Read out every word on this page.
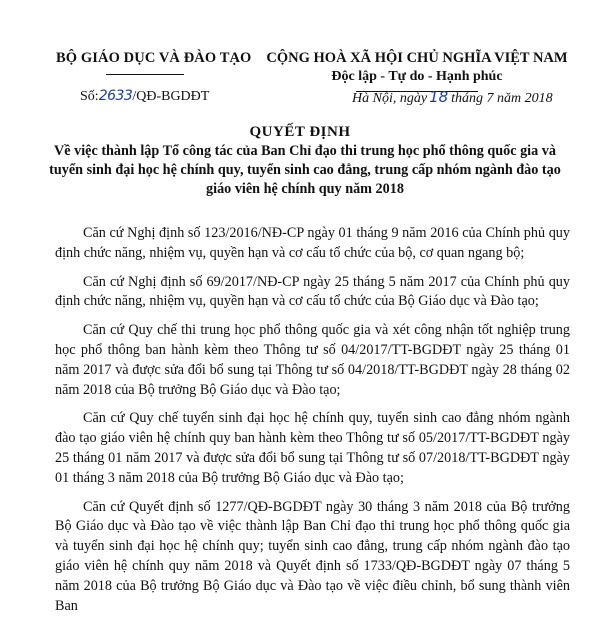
BỘ GIÁO DỤC VÀ ĐÀO TẠO	CỘNG HOÀ XÃ HỘI CHỦ NGHĨA VIỆT NAM
Độc lập - Tự do - Hạnh phúc
Số:2633/QĐ-BGDĐT	Hà Nội, ngày 18 tháng 7 năm 2018
QUYẾT ĐỊNH
Về việc thành lập Tổ công tác của Ban Chỉ đạo thi trung học phổ thông quốc gia và tuyển sinh đại học hệ chính quy, tuyển sinh cao đẳng, trung cấp nhóm ngành đào tạo giáo viên hệ chính quy năm 2018

Căn cứ Nghị định số 123/2016/NĐ-CP ngày 01 tháng 9 năm 2016 của Chính phủ quy định chức năng, nhiệm vụ, quyền hạn và cơ cấu tổ chức của bộ, cơ quan ngang bộ;

Căn cứ Nghị định số 69/2017/NĐ-CP ngày 25 tháng 5 năm 2017 của Chính phủ quy định chức năng, nhiệm vụ, quyền hạn và cơ cấu tổ chức của Bộ Giáo dục và Đào tạo;

Căn cứ Quy chế thi trung học phổ thông quốc gia và xét công nhận tốt nghiệp trung học phổ thông ban hành kèm theo Thông tư số 04/2017/TT-BGDĐT ngày 25 tháng 01 năm 2017 và được sửa đổi bổ sung tại Thông tư số 04/2018/TT-BGDĐT ngày 28 tháng 02 năm 2018 của Bộ trưởng Bộ Giáo dục và Đào tạo;

Căn cứ Quy chế tuyển sinh đại học hệ chính quy, tuyển sinh cao đẳng nhóm ngành đào tạo giáo viên hệ chính quy ban hành kèm theo Thông tư số 05/2017/TT-BGDĐT ngày 25 tháng 01 năm 2017 và được sửa đổi bổ sung tại Thông tư số 07/2018/TT-BGDĐT ngày 01 tháng 3 năm 2018 của Bộ trưởng Bộ Giáo dục và Đào tạo;

Căn cứ Quyết định số 1277/QĐ-BGDĐT ngày 30 tháng 3 năm 2018 của Bộ trưởng Bộ Giáo dục và Đào tạo về việc thành lập Ban Chỉ đạo thi trung học phổ thông quốc gia và tuyển sinh đại học hệ chính quy; tuyển sinh cao đẳng, trung cấp nhóm ngành đào tạo giáo viên hệ chính quy năm 2018 và Quyết định số 1733/QĐ-BGDĐT ngày 07 tháng 5 năm 2018 của Bộ trưởng Bộ Giáo dục và Đào tạo về việc điều chỉnh, bổ sung thành viên Ban
